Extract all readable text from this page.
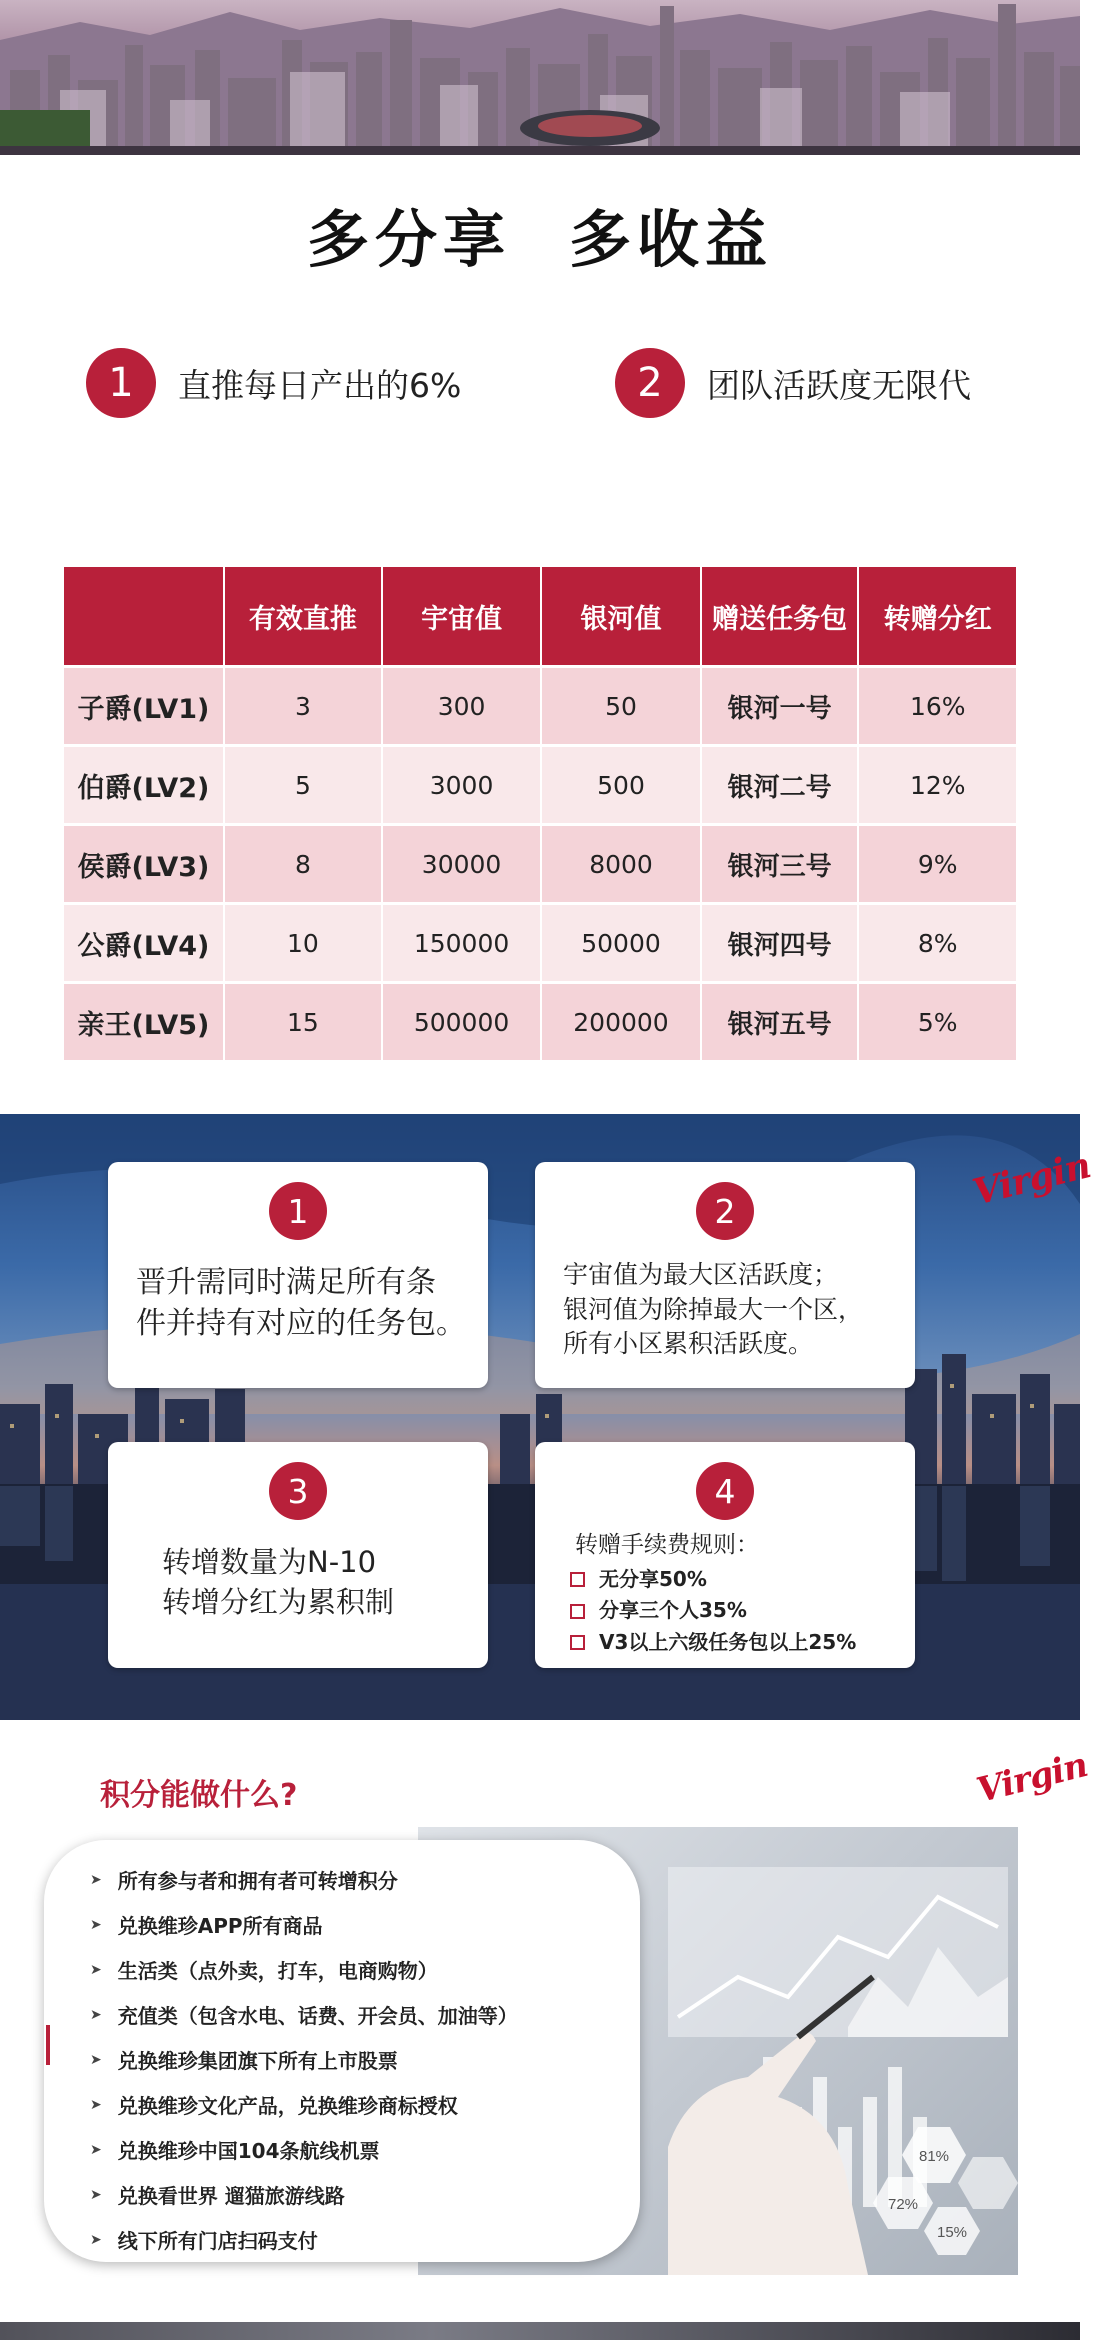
多分享 多收益
1	直推每日产出的6%	2	团队活跃度无限代
	有效直推	宇宙值	银河值	赠送任务包	转赠分红
子爵(LV1)	3	300	50	银河一号	16%
伯爵(LV2)	5	3000	500	银河二号	12%
侯爵(LV3)	8	30000	8000	银河三号	9%
公爵(LV4)	10	150000	50000	银河四号	8%
亲王(LV5)	15	500000	200000	银河五号	5%
Virgin
1
晋升需同时满足所有条
件并持有对应的任务包。
2
宇宙值为最大区活跃度；
银河值为除掉最大一个区，
所有小区累积活跃度。
3
转增数量为N-10
转增分红为累积制
4
转赠手续费规则：
无分享50%
分享三个人35%
V3以上六级任务包以上25%
积分能做什么?	Virgin
81%
72%
15%
➤ 所有参与者和拥有者可转增积分
➤ 兑换维珍APP所有商品
➤ 生活类（点外卖，打车，电商购物）
➤ 充值类（包含水电、话费、开会员、加油等）
➤ 兑换维珍集团旗下所有上市股票
➤ 兑换维珍文化产品，兑换维珍商标授权
➤ 兑换维珍中国104条航线机票
➤ 兑换看世界 遛猫旅游线路
➤ 线下所有门店扫码支付
